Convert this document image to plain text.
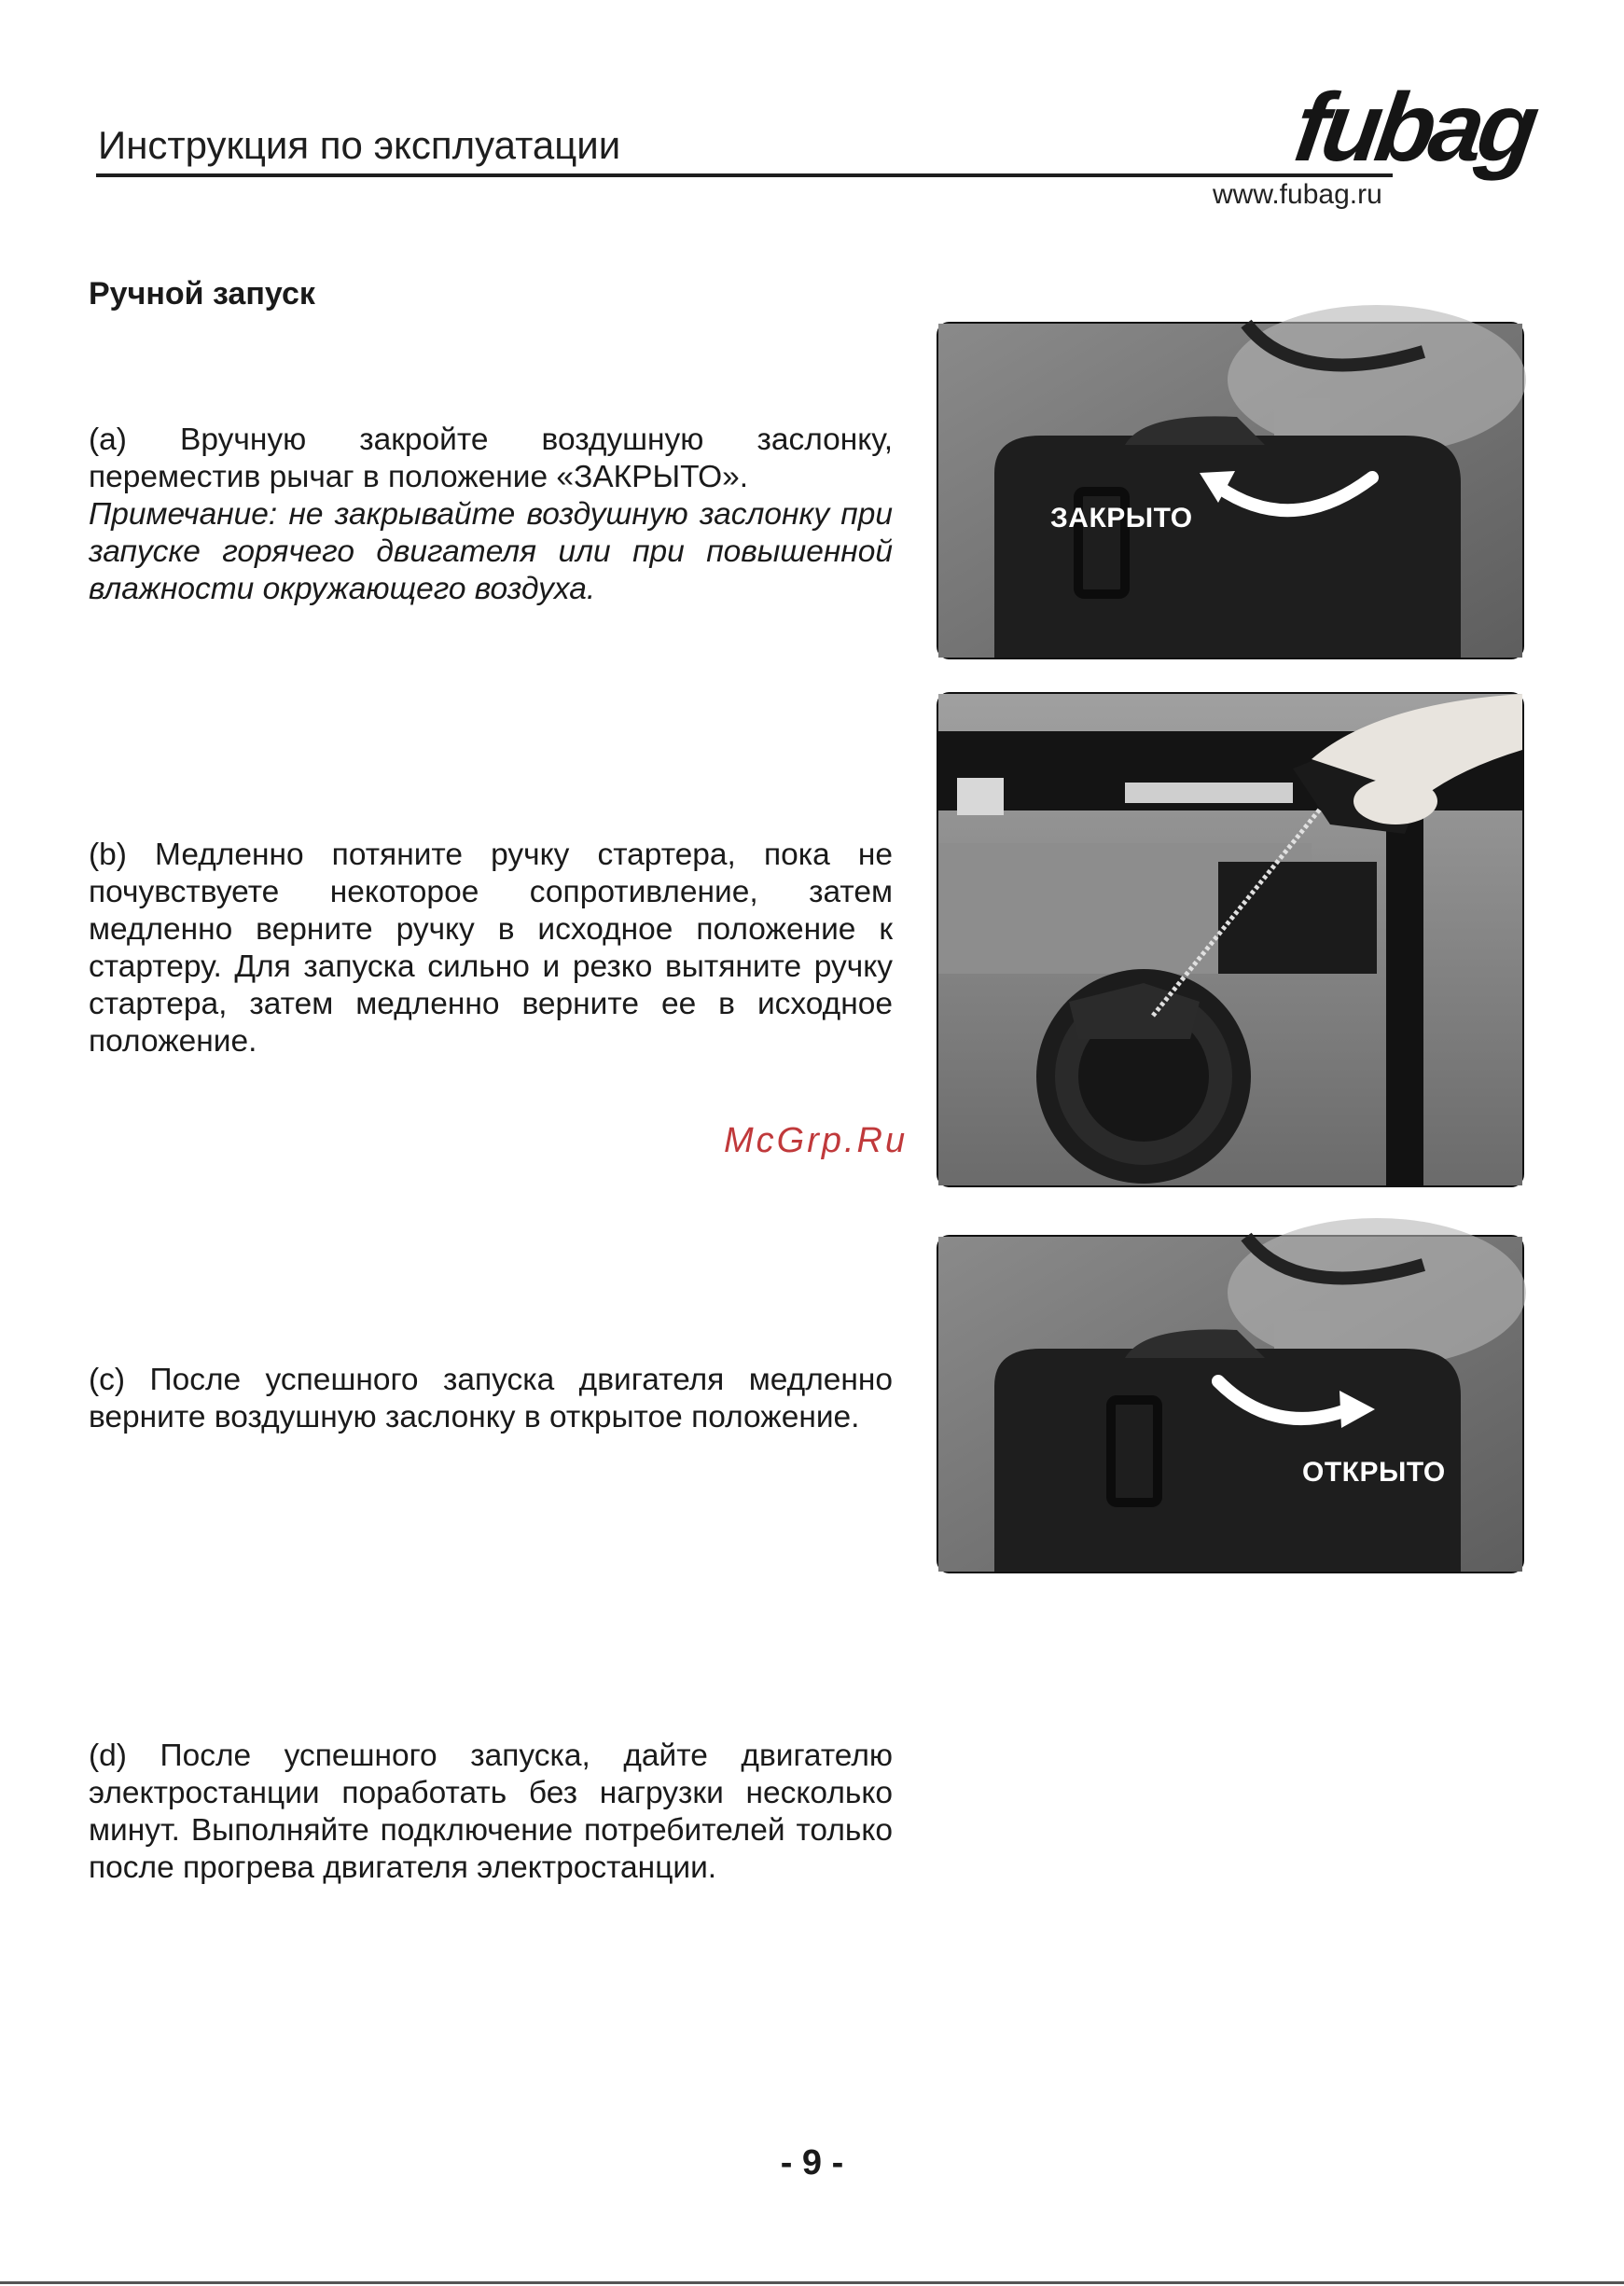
Инструкция по эксплуатации	fubag
www.fubag.ru
Ручной запуск
(a) Вручную закройте воздушную заслонку, переместив рычаг в положение «ЗАКРЫТО».
Примечание: не закрывайте воздушную заслонку при запуске горячего двигателя или при повышенной влажности окружающего воздуха.
(b) Медленно потяните ручку стартера, пока не почувствуете некоторое сопротивление, затем медленно верните ручку в исходное положение к стартеру. Для запуска сильно и резко вытяните ручку стартера, затем медленно верните ее в исходное положение.
(c) После успешного запуска двигателя медленно верните воздушную заслонку в открытое положение.
(d) После успешного запуска, дайте двигателю электростанции поработать без нагрузки несколько минут. Выполняйте подключение потребителей только после прогрева двигателя электростанции.
McGrp.Ru
ЗАКРЫТО
ОТКРЫТО
- 9 -
